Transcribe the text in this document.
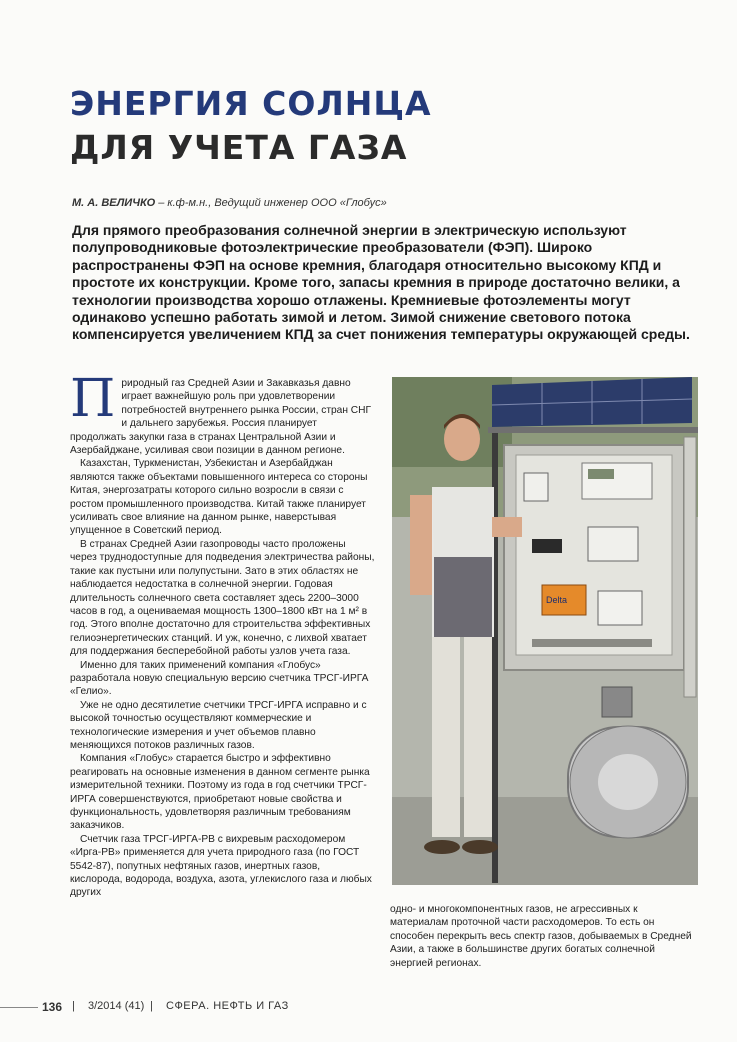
ЭНЕРГИЯ СОЛНЦА
ДЛЯ УЧЕТА ГАЗА
М. А. ВЕЛИЧКО – к.ф-м.н., Ведущий инженер ООО «Глобус»

Для прямого преобразования солнечной энергии в электрическую используют полупроводниковые фотоэлектрические преобразователи (ФЭП). Широко распространены ФЭП на основе кремния, благодаря относительно высокому КПД и простоте их конструкции. Кроме того, запасы кремния в природе достаточно велики, а технологии производства хорошо отлажены. Кремниевые фотоэлементы могут одинаково успешно работать зимой и летом. Зимой снижение светового потока компенсируется увеличением КПД за счет понижения температуры окружающей среды.

Природный газ Средней Азии и Закавказья давно играет важнейшую роль при удовлетворении потребностей внутреннего рынка России, стран СНГ и дальнего зарубежья. Россия планирует продолжать закупки газа в странах Центральной Азии и Азербайджане, усиливая свои позиции в данном регионе.

Казахстан, Туркменистан, Узбекистан и Азербайджан являются также объектами повышенного интереса со стороны Китая, энергозатраты которого сильно возросли в связи с ростом промышленного производства. Китай также планирует усиливать свое влияние на данном рынке, наверстывая упущенное в Советский период.

В странах Средней Азии газопроводы часто проложены через труднодоступные для подведения электричества районы, такие как пустыни или полупустыни. Зато в этих областях не наблюдается недостатка в солнечной энергии. Годовая длительность солнечного света составляет здесь 2200–3000 часов в год, а оцениваемая мощность 1300–1800 кВт на 1 м² в год. Этого вполне достаточно для строительства эффективных гелиоэнергетических станций. И уж, конечно, с лихвой хватает для поддержания бесперебойной работы узлов учета газа.

Именно для таких применений компания «Глобус» разработала новую специальную версию счетчика ТРСГ-ИРГА «Гелио».

Уже не одно десятилетие счетчики ТРСГ-ИРГА исправно и с высокой точностью осуществляют коммерческие и технологические измерения и учет объемов плавно меняющихся потоков различных газов.

Компания «Глобус» старается быстро и эффективно реагировать на основные изменения в данном сегменте рынка измерительной техники. Поэтому из года в год счетчики ТРСГ-ИРГА совершенствуются, приобретают новые свойства и функциональность, удовлетворяя различным требованиям заказчиков.

Счетчик газа ТРСГ-ИРГА-РВ с вихревым расходомером «Ирга-РВ» применяется для учета природного газа (по ГОСТ 5542-87), попутных нефтяных газов, инертных газов, кислорода, водорода, воздуха, азота, углекислого газа и любых других

Delta

одно- и многокомпонентных газов, не агрессивных к материалам проточной части расходомеров. То есть он способен перекрыть весь спектр газов, добываемых в Средней Азии, а также в большинстве других богатых солнечной энергией регионах.

136 | 3/2014 (41) | СФЕРА. НЕФТЬ И ГАЗ
